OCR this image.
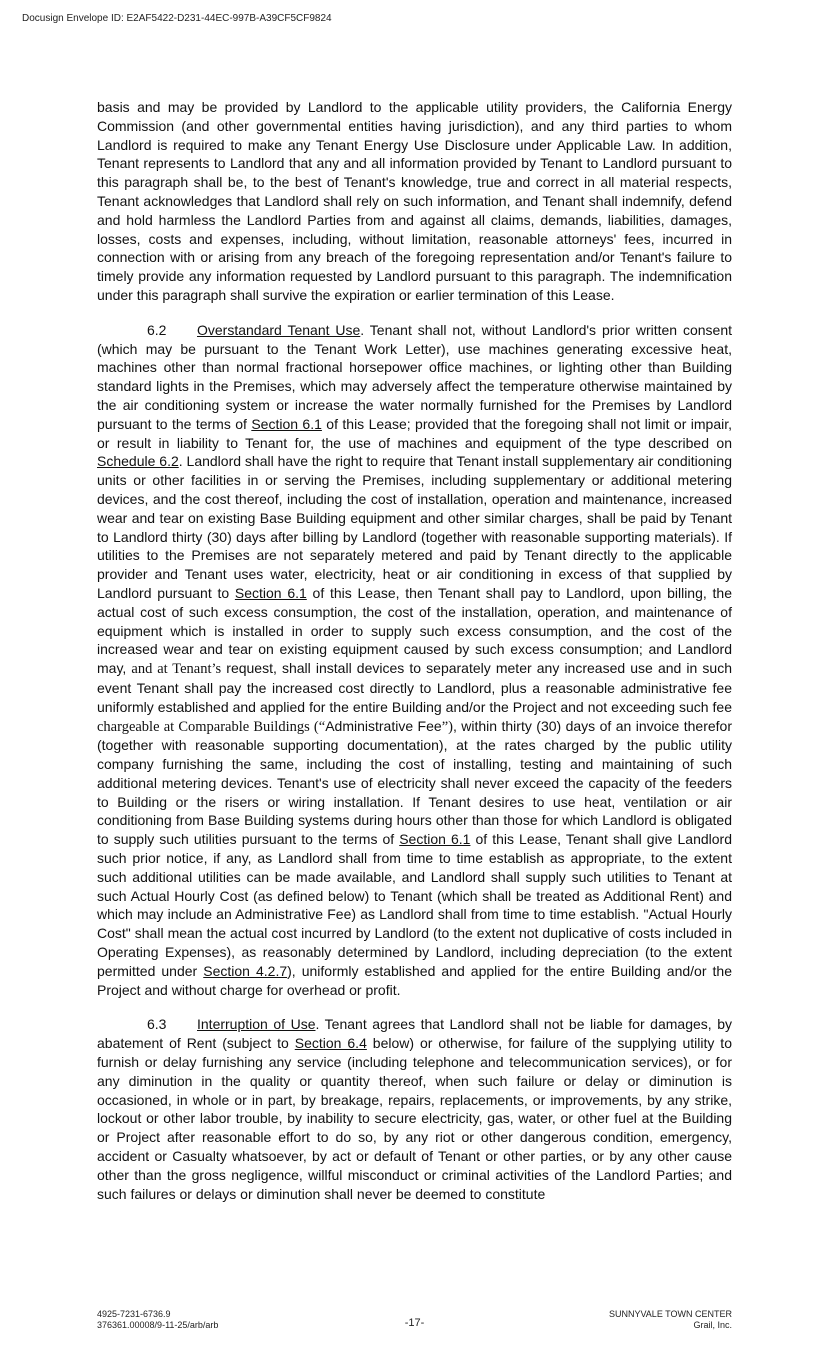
Docusign Envelope ID: E2AF5422-D231-44EC-997B-A39CF5CF9824

basis and may be provided by Landlord to the applicable utility providers, the California Energy Commission (and other governmental entities having jurisdiction), and any third parties to whom Landlord is required to make any Tenant Energy Use Disclosure under Applicable Law. In addition, Tenant represents to Landlord that any and all information provided by Tenant to Landlord pursuant to this paragraph shall be, to the best of Tenant's knowledge, true and correct in all material respects, Tenant acknowledges that Landlord shall rely on such information, and Tenant shall indemnify, defend and hold harmless the Landlord Parties from and against all claims, demands, liabilities, damages, losses, costs and expenses, including, without limitation, reasonable attorneys' fees, incurred in connection with or arising from any breach of the foregoing representation and/or Tenant's failure to timely provide any information requested by Landlord pursuant to this paragraph. The indemnification under this paragraph shall survive the expiration or earlier termination of this Lease.

6.2 Overstandard Tenant Use. Tenant shall not, without Landlord's prior written consent (which may be pursuant to the Tenant Work Letter), use machines generating excessive heat, machines other than normal fractional horsepower office machines, or lighting other than Building standard lights in the Premises, which may adversely affect the temperature otherwise maintained by the air conditioning system or increase the water normally furnished for the Premises by Landlord pursuant to the terms of Section 6.1 of this Lease; provided that the foregoing shall not limit or impair, or result in liability to Tenant for, the use of machines and equipment of the type described on Schedule 6.2. Landlord shall have the right to require that Tenant install supplementary air conditioning units or other facilities in or serving the Premises, including supplementary or additional metering devices, and the cost thereof, including the cost of installation, operation and maintenance, increased wear and tear on existing Base Building equipment and other similar charges, shall be paid by Tenant to Landlord thirty (30) days after billing by Landlord (together with reasonable supporting materials). If utilities to the Premises are not separately metered and paid by Tenant directly to the applicable provider and Tenant uses water, electricity, heat or air conditioning in excess of that supplied by Landlord pursuant to Section 6.1 of this Lease, then Tenant shall pay to Landlord, upon billing, the actual cost of such excess consumption, the cost of the installation, operation, and maintenance of equipment which is installed in order to supply such excess consumption, and the cost of the increased wear and tear on existing equipment caused by such excess consumption; and Landlord may, and at Tenant’s request, shall install devices to separately meter any increased use and in such event Tenant shall pay the increased cost directly to Landlord, plus a reasonable administrative fee uniformly established and applied for the entire Building and/or the Project and not exceeding such fee chargeable at Comparable Buildings (“Administrative Fee”), within thirty (30) days of an invoice therefor (together with reasonable supporting documentation), at the rates charged by the public utility company furnishing the same, including the cost of installing, testing and maintaining of such additional metering devices. Tenant's use of electricity shall never exceed the capacity of the feeders to Building or the risers or wiring installation. If Tenant desires to use heat, ventilation or air conditioning from Base Building systems during hours other than those for which Landlord is obligated to supply such utilities pursuant to the terms of Section 6.1 of this Lease, Tenant shall give Landlord such prior notice, if any, as Landlord shall from time to time establish as appropriate, to the extent such additional utilities can be made available, and Landlord shall supply such utilities to Tenant at such Actual Hourly Cost (as defined below) to Tenant (which shall be treated as Additional Rent) and which may include an Administrative Fee) as Landlord shall from time to time establish. "Actual Hourly Cost" shall mean the actual cost incurred by Landlord (to the extent not duplicative of costs included in Operating Expenses), as reasonably determined by Landlord, including depreciation (to the extent permitted under Section 4.2.7), uniformly established and applied for the entire Building and/or the Project and without charge for overhead or profit.

6.3 Interruption of Use. Tenant agrees that Landlord shall not be liable for damages, by abatement of Rent (subject to Section 6.4 below) or otherwise, for failure of the supplying utility to furnish or delay furnishing any service (including telephone and telecommunication services), or for any diminution in the quality or quantity thereof, when such failure or delay or diminution is occasioned, in whole or in part, by breakage, repairs, replacements, or improvements, by any strike, lockout or other labor trouble, by inability to secure electricity, gas, water, or other fuel at the Building or Project after reasonable effort to do so, by any riot or other dangerous condition, emergency, accident or Casualty whatsoever, by act or default of Tenant or other parties, or by any other cause other than the gross negligence, willful misconduct or criminal activities of the Landlord Parties; and such failures or delays or diminution shall never be deemed to constitute

4925-7231-6736.9
376361.00008/9-11-25/arb/arb	-17-
SUNNYVALE TOWN CENTER
Grail, Inc.
